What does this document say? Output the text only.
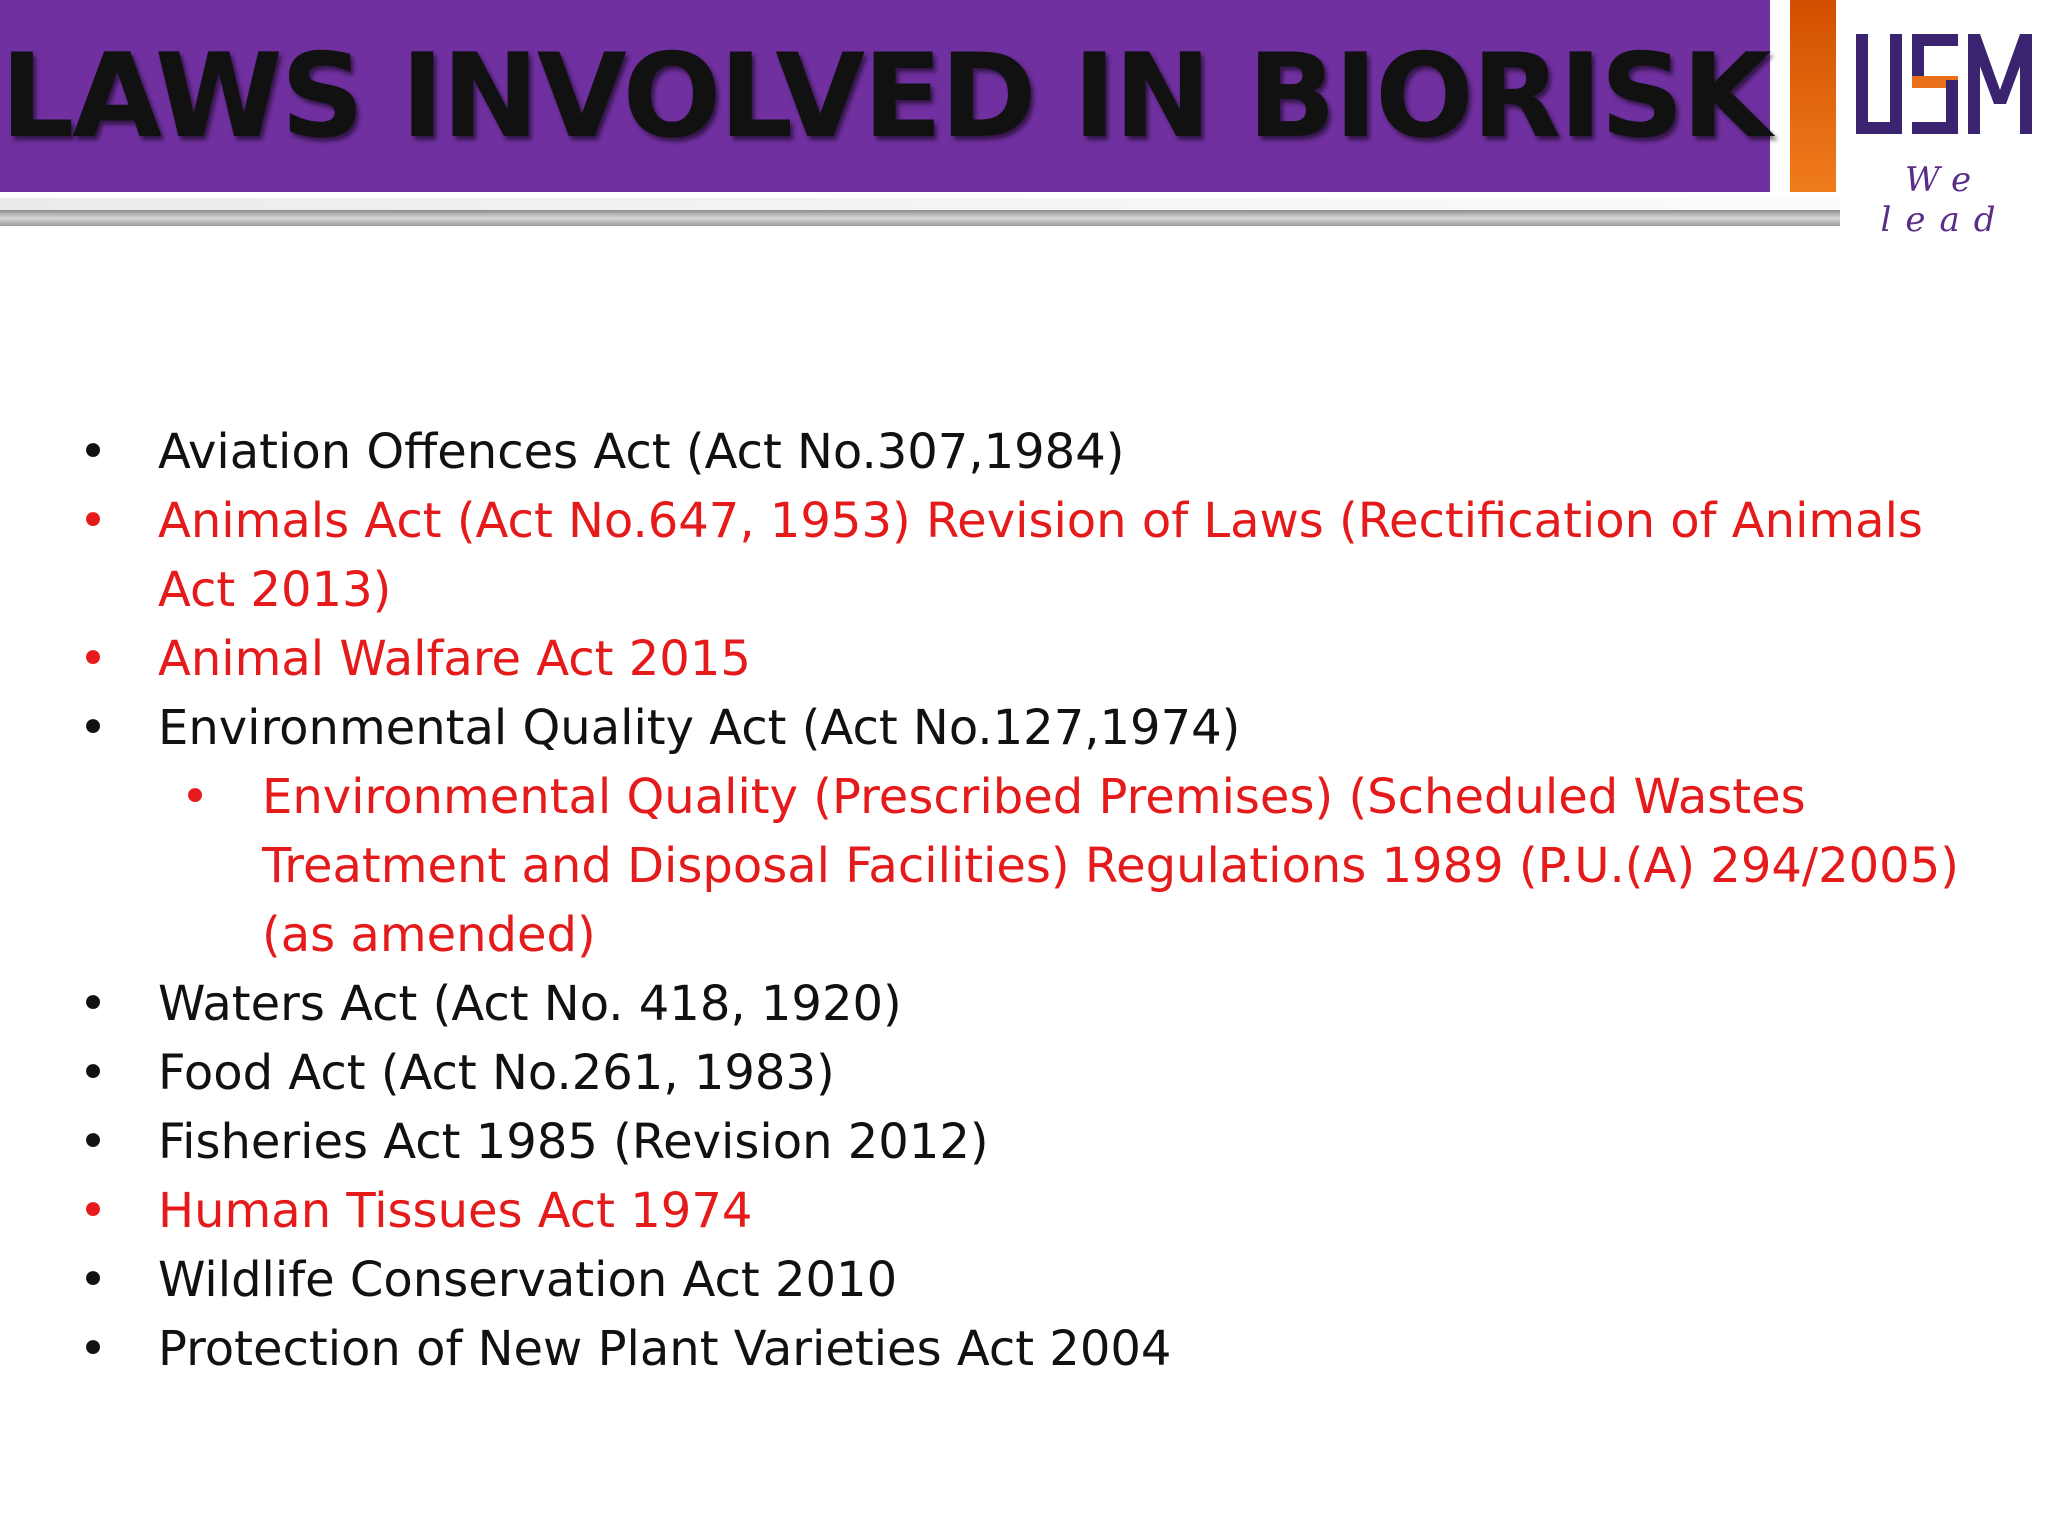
LAWS INVOLVED IN BIORISK
We lead
• Aviation Offences Act (Act No.307,1984)
• Animals Act (Act No.647, 1953) Revision of Laws (Rectification of Animals Act 2013)
• Animal Walfare Act 2015
• Environmental Quality Act (Act No.127,1974)
• Environmental Quality (Prescribed Premises) (Scheduled Wastes Treatment and Disposal Facilities) Regulations 1989 (P.U.(A) 294/2005) (as amended)
• Waters Act (Act No. 418, 1920)
• Food Act (Act No.261, 1983)
• Fisheries Act 1985 (Revision 2012)
• Human Tissues Act 1974
• Wildlife Conservation Act 2010
• Protection of New Plant Varieties Act 2004
